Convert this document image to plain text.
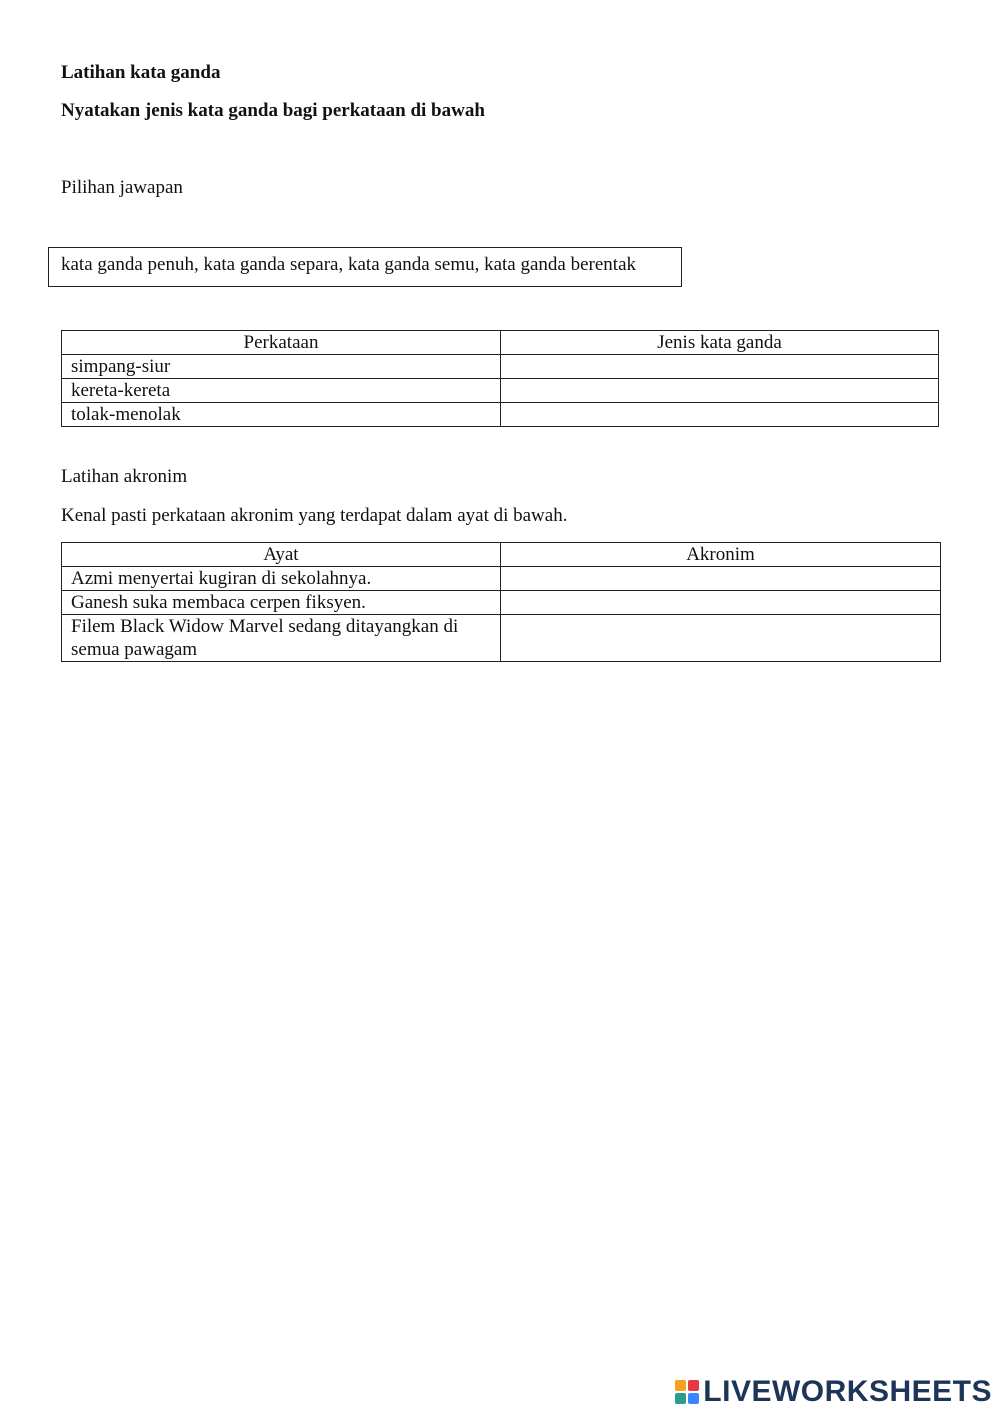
Latihan kata ganda
Nyatakan jenis kata ganda bagi perkataan di bawah
Pilihan jawapan
kata ganda penuh, kata ganda separa, kata ganda semu, kata ganda berentak
Perkataan	Jenis kata ganda
simpang-siur	
kereta-kereta	
tolak-menolak	
Latihan akronim
Kenal pasti perkataan akronim yang terdapat dalam ayat di bawah.
Ayat	Akronim
Azmi menyertai kugiran di sekolahnya.	
Ganesh suka membaca cerpen fiksyen.	
Filem Black Widow Marvel sedang ditayangkan di semua pawagam	
LIVEWORKSHEETS
